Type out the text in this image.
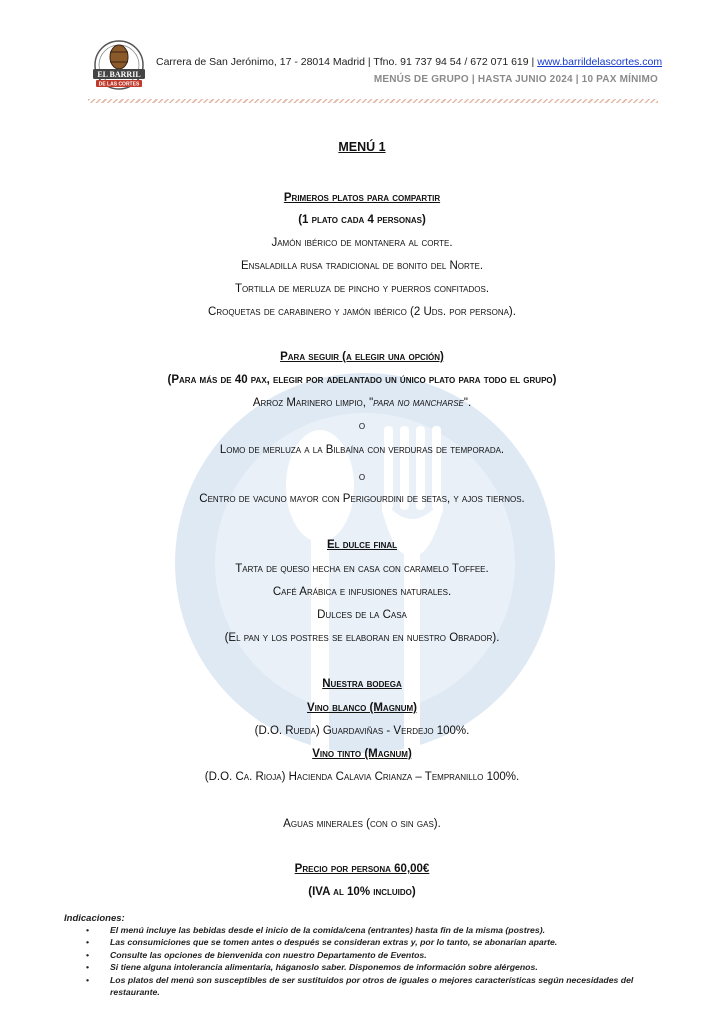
EL BARRIL
DE LAS CORTES
Carrera de San Jerónimo, 17 - 28014 Madrid | Tfno. 91 737 94 54 / 672 071 619 | www.barrildelascortes.com
MENÚS DE GRUPO | HASTA JUNIO 2024 | 10 PAX MÍNIMO
MENÚ 1
Primeros platos para compartir
(1 plato cada 4 personas)
Jamón ibérico de montanera al corte.
Ensaladilla rusa tradicional de bonito del Norte.
Tortilla de merluza de pincho y puerros confitados.
Croquetas de carabinero y jamón ibérico (2 Uds. por persona).
Para seguir (a elegir una opción)
(Para más de 40 pax, elegir por adelantado un único plato para todo el grupo)
Arroz Marinero limpio, "para no mancharse".
o
Lomo de merluza a la Bilbaína con verduras de temporada.
o
Centro de vacuno mayor con Perigourdini de setas, y ajos tiernos.
El dulce final
Tarta de queso hecha en casa con caramelo Toffee.
Café Arábica e infusiones naturales.
Dulces de la Casa
(El pan y los postres se elaboran en nuestro Obrador).
Nuestra bodega
Vino blanco (Magnum)
(D.O. Rueda) Guardaviñas - Verdejo 100%.
Vino tinto (Magnum)
(D.O. Ca. Rioja) Hacienda Calavia Crianza – Tempranillo 100%.
Aguas minerales (con o sin gas).
Precio por persona 60,00€
(IVA al 10% incluido)
Indicaciones:
• El menú incluye las bebidas desde el inicio de la comida/cena (entrantes) hasta fin de la misma (postres).
• Las consumiciones que se tomen antes o después se consideran extras y, por lo tanto, se abonarían aparte.
• Consulte las opciones de bienvenida con nuestro Departamento de Eventos.
• Si tiene alguna intolerancia alimentaria, háganoslo saber. Disponemos de información sobre alérgenos.
• Los platos del menú son susceptibles de ser sustituidos por otros de iguales o mejores características según necesidades del restaurante.
